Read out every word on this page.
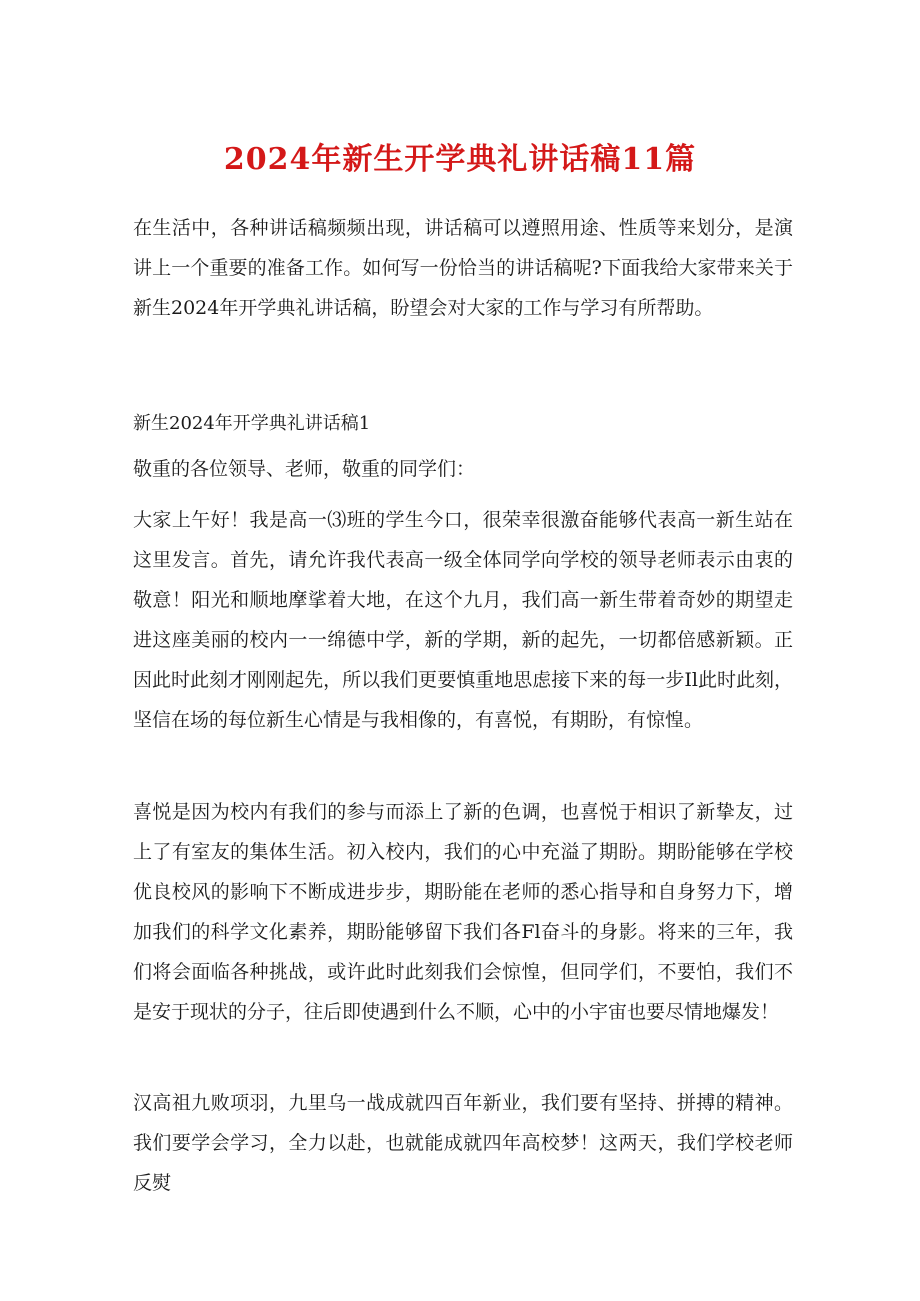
2024年新生开学典礼讲话稿11篇

在生活中，各种讲话稿频频出现，讲话稿可以遵照用途、性质等来划分，是演讲上一个重要的准备工作。如何写一份恰当的讲话稿呢?下面我给大家带来关于新生2024年开学典礼讲话稿，盼望会对大家的工作与学习有所帮助。

新生2024年开学典礼讲话稿1

敬重的各位领导、老师，敬重的同学们：

大家上午好！我是高一⑶班的学生今口，很荣幸很激奋能够代表高一新生站在这里发言。首先，请允许我代表高一级全体同学向学校的领导老师表示由衷的敬意！阳光和顺地摩挲着大地，在这个九月，我们高一新生带着奇妙的期望走进这座美丽的校内一一绵德中学，新的学期，新的起先，一切都倍感新颖。正因此时此刻才刚刚起先，所以我们更要慎重地思虑接下来的每一步Il此时此刻，坚信在场的每位新生心情是与我相像的，有喜悦，有期盼，有惊惶。

喜悦是因为校内有我们的参与而添上了新的色调，也喜悦于相识了新挚友，过上了有室友的集体生活。初入校内，我们的心中充溢了期盼。期盼能够在学校优良校风的影响下不断成进步步，期盼能在老师的悉心指导和自身努力下，增加我们的科学文化素养，期盼能够留下我们各Fl奋斗的身影。将来的三年，我们将会面临各种挑战，或许此时此刻我们会惊惶，但同学们，不要怕，我们不是安于现状的分子，往后即使遇到什么不顺，心中的小宇宙也要尽情地爆发！

汉高祖九败项羽，九里乌一战成就四百年新业，我们要有坚持、拼搏的精神。我们要学会学习，全力以赴，也就能成就四年高校梦！这两天，我们学校老师反熨
